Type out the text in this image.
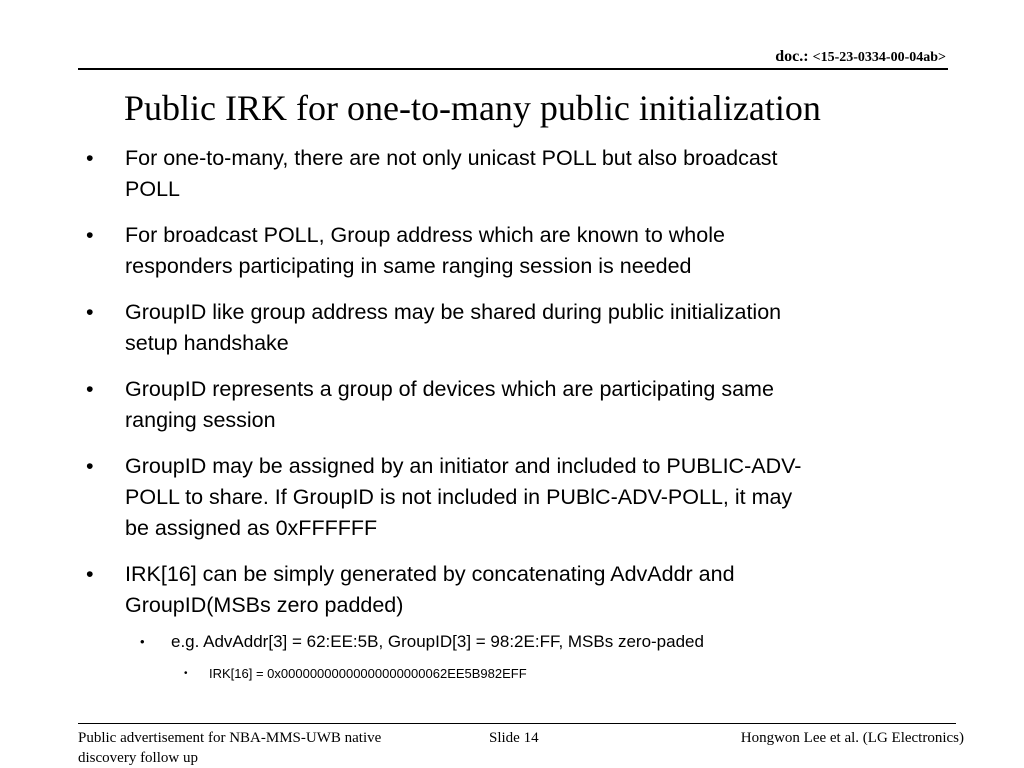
doc.: <15-23-0334-00-04ab>
Public IRK for one-to-many public initialization
• For one-to-many, there are not only unicast POLL but also broadcast
POLL
• For broadcast POLL, Group address which are known to whole
responders participating in same ranging session is needed
• GroupID like group address may be shared during public initialization
setup handshake
• GroupID represents a group of devices which are participating same
ranging session
• GroupID may be assigned by an initiator and included to PUBLIC-ADV-
POLL to share. If GroupID is not included in PUBlC-ADV-POLL, it may
be assigned as 0xFFFFFF
• IRK[16] can be simply generated by concatenating AdvAddr and
GroupID(MSBs zero padded)
• e.g. AdvAddr[3] = 62:EE:5B, GroupID[3] = 98:2E:FF, MSBs zero-paded
• IRK[16] = 0x00000000000000000000062EE5B982EFF
Public advertisement for NBA-MMS-UWB native
discovery follow up
Slide 14	Hongwon Lee et al. (LG Electronics)
